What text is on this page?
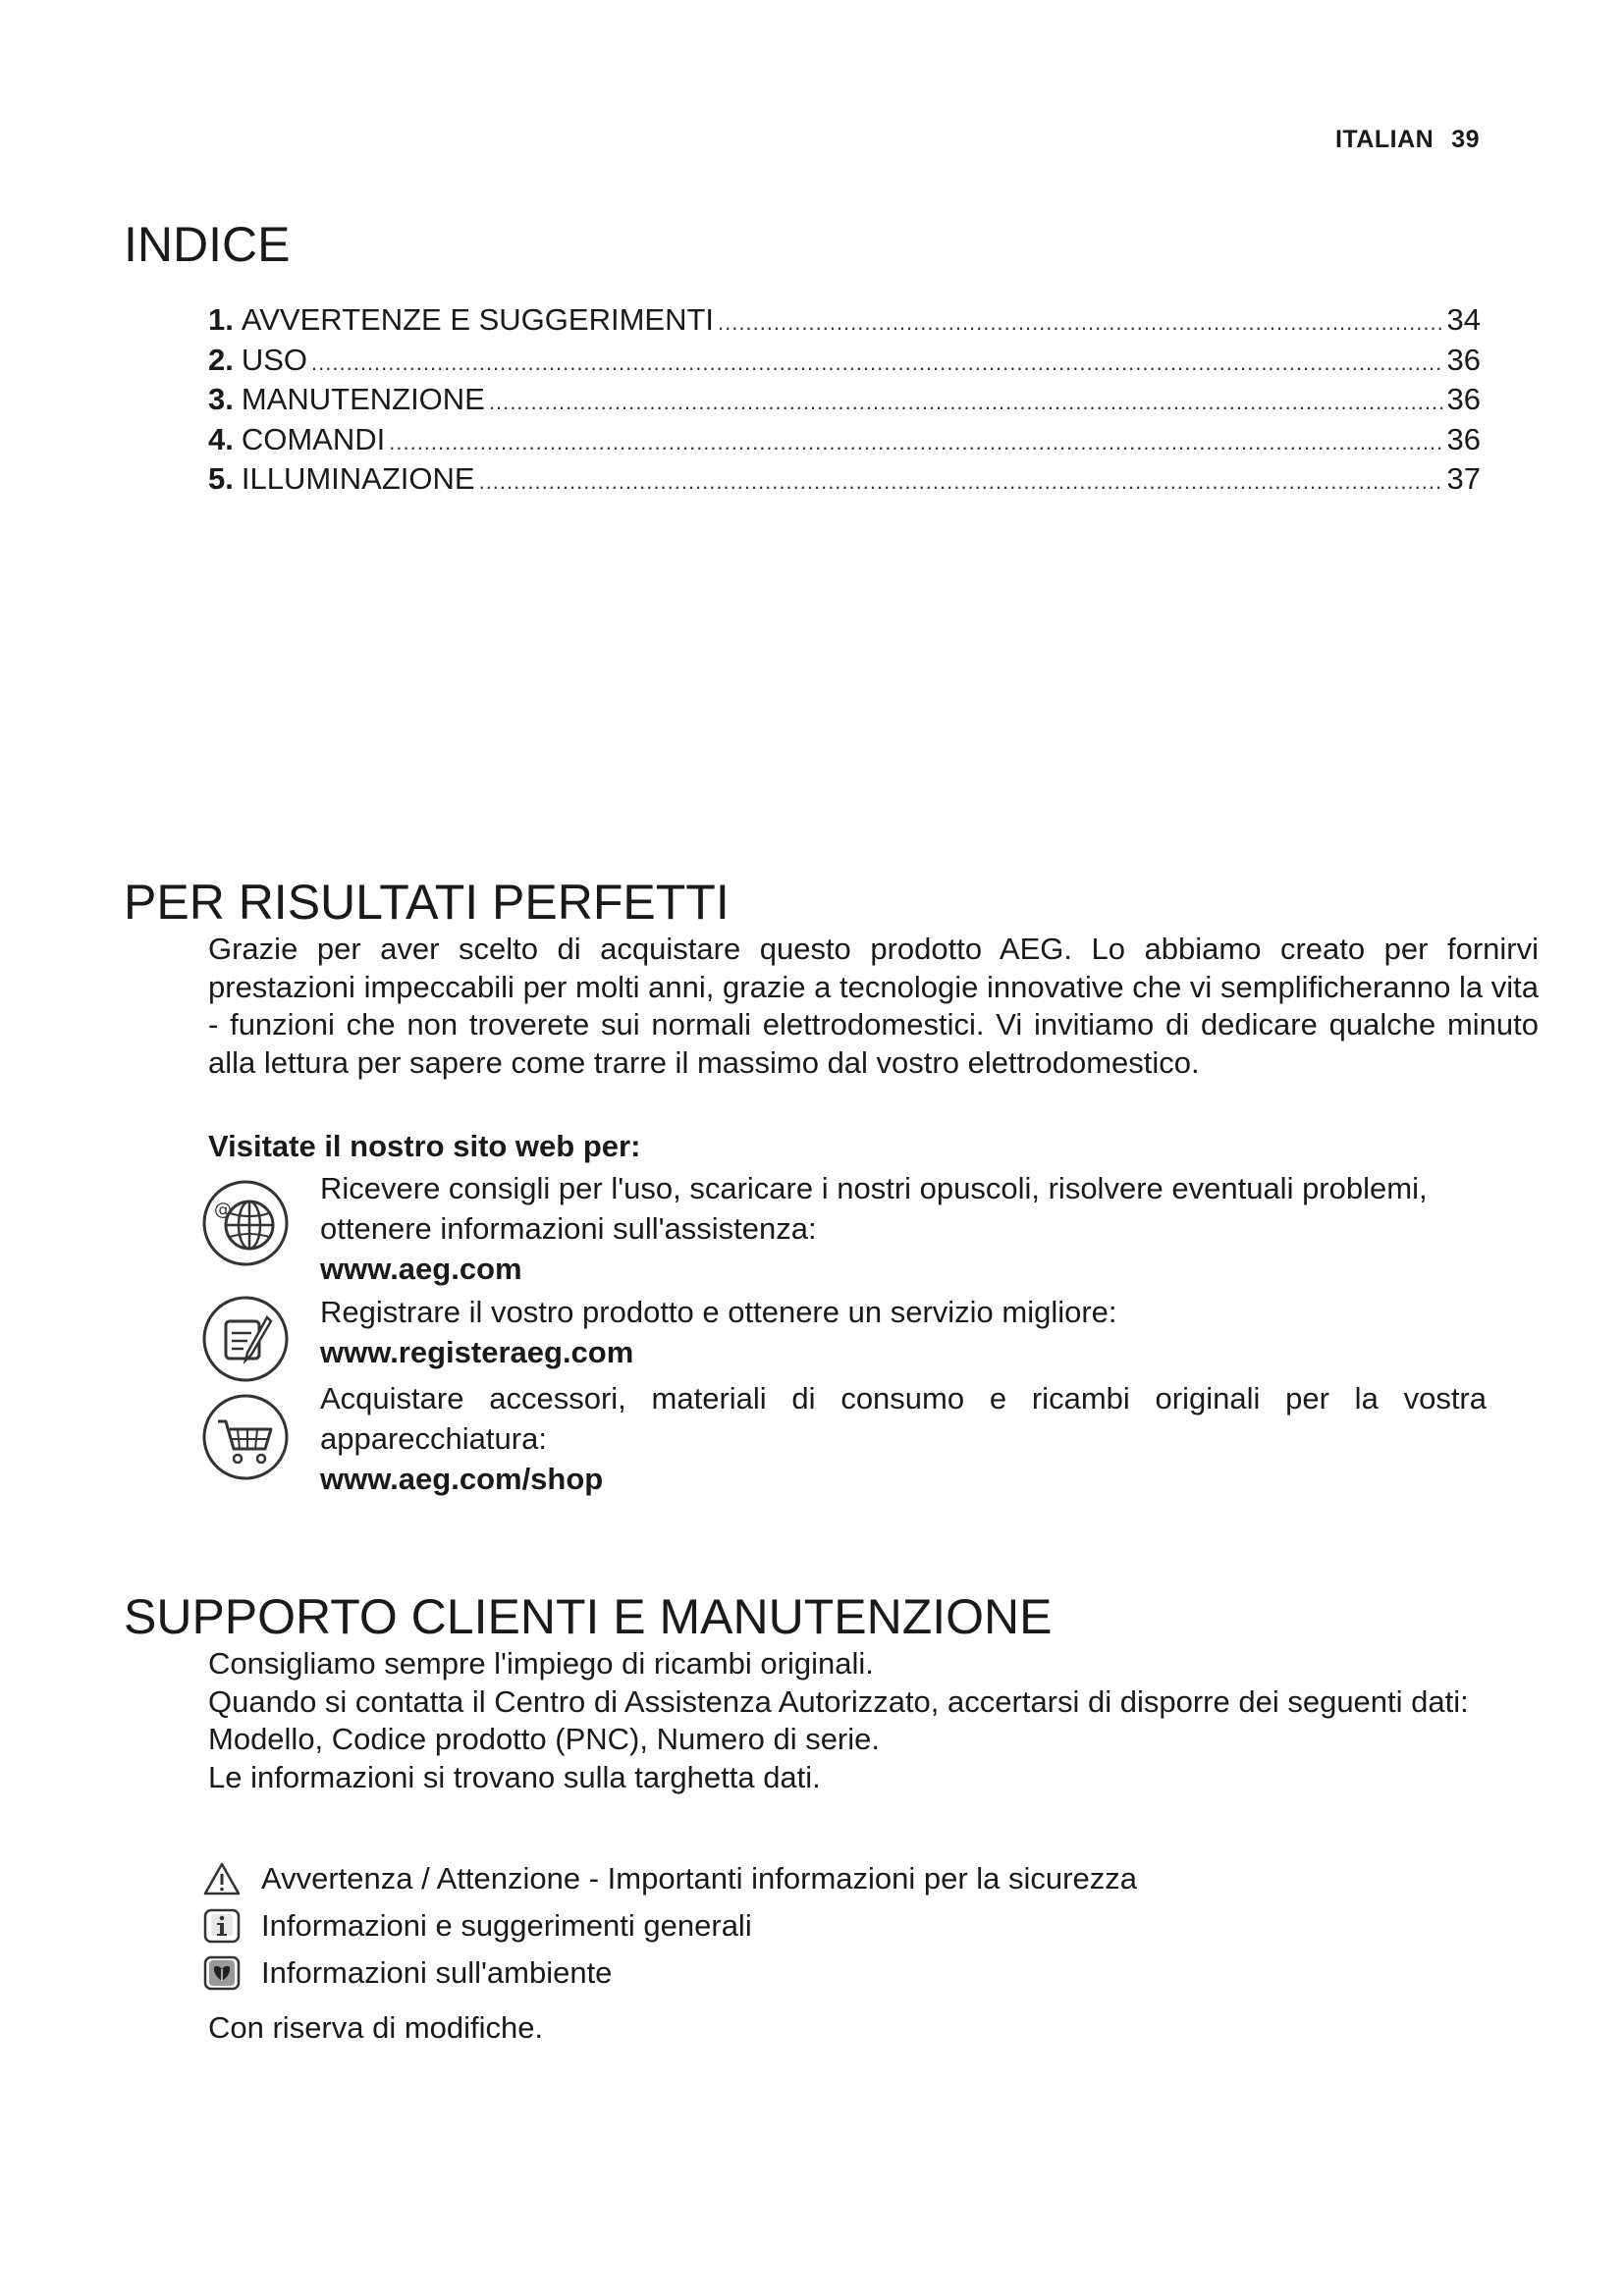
ITALIAN 39
INDICE
1. AVVERTENZE E SUGGERIMENTI .....	34
2. USO .....	36
3. MANUTENZIONE .....	36
4. COMANDI .....	36
5. ILLUMINAZIONE .....	37
PER RISULTATI PERFETTI

Grazie per aver scelto di acquistare questo prodotto AEG. Lo abbiamo creato per fornirvi prestazioni impeccabili per molti anni, grazie a tecnologie innovative che vi semplificheranno la vita - funzioni che non troverete sui normali elettrodomestici. Vi invitiamo di dedicare qualche minuto alla lettura per sapere come trarre il massimo dal vostro elettrodomestico.

Visitate il nostro sito web per:

@

Ricevere consigli per l'uso, scaricare i nostri opuscoli, risolvere eventuali problemi, ottenere informazioni sull'assistenza:
www.aeg.com

Registrare il vostro prodotto e ottenere un servizio migliore:
www.registeraeg.com

Acquistare accessori, materiali di consumo e ricambi originali per la vostra apparecchiatura:
www.aeg.com/shop

SUPPORTO CLIENTI E MANUTENZIONE
Consigliamo sempre l'impiego di ricambi originali.
Quando si contatta il Centro di Assistenza Autorizzato, accertarsi di disporre dei seguenti dati: Modello, Codice prodotto (PNC), Numero di serie.
Le informazioni si trovano sulla targhetta dati.
Avvertenza / Attenzione - Importanti informazioni per la sicurezza
Informazioni e suggerimenti generali
Informazioni sull'ambiente

Con riserva di modifiche.
